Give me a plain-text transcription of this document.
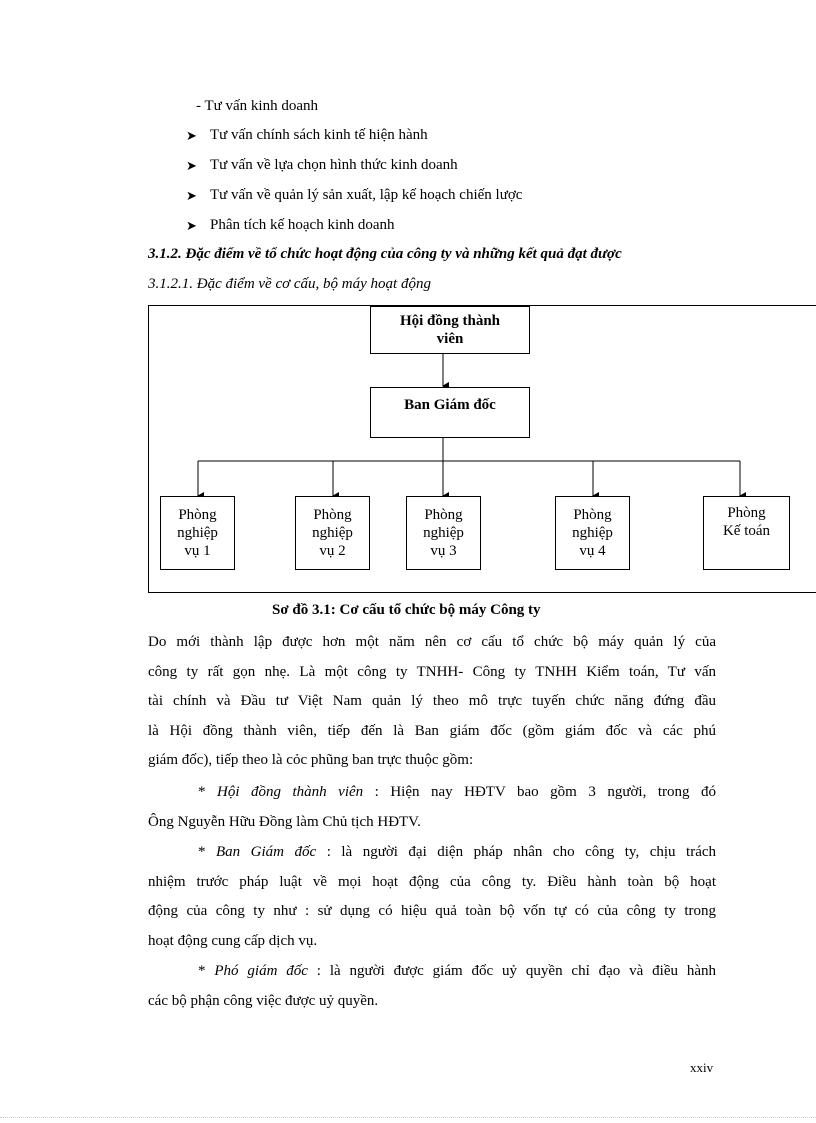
- Tư vấn kinh doanh
➤ Tư vấn chính sách kinh tế hiện hành
➤ Tư vấn về lựa chọn hình thức kinh doanh
➤ Tư vấn về quản lý sản xuất, lập kế hoạch chiến lược
➤ Phân tích kế hoạch kinh doanh
3.1.2. Đặc điểm về tổ chức hoạt động của công ty và những kết quả đạt được
3.1.2.1. Đặc điểm về cơ cấu, bộ máy hoạt động
Hội đồng thành
viên
Ban Giám đốc
Phòng
nghiệp
vụ 1
Phòng
nghiệp
vụ 2
Phòng
nghiệp
vụ 3
Phòng
nghiệp
vụ 4
Phòng
Kế toán
Sơ đồ 3.1: Cơ cấu tổ chức bộ máy Công ty
Do mới thành lập được hơn một năm nên cơ cấu tổ chức bộ máy quản lý của
công ty rất gọn nhẹ. Là một công ty TNHH- Công ty TNHH Kiểm toán, Tư vấn
tài chính và Đầu tư Việt Nam quản lý theo mô trực tuyến chức năng đứng đầu
là Hội đồng thành viên, tiếp đến là Ban giám đốc (gồm giám đốc và các phú
giám đốc), tiếp theo là cỏc phũng ban trực thuộc gồm:
* Hội đồng thành viên : Hiện nay HĐTV bao gồm 3 người, trong đó
Ông Nguyễn Hữu Đồng làm Chủ tịch HĐTV.
* Ban Giám đốc : là người đại diện pháp nhân cho công ty, chịu trách
nhiệm trước pháp luật về mọi hoạt động của công ty. Điều hành toàn bộ hoạt
động của công ty như : sử dụng có hiệu quả toàn bộ vốn tự có của công ty trong
hoạt động cung cấp dịch vụ.
* Phó giám đốc : là người được giám đốc uỷ quyền chỉ đạo và điều hành
các bộ phận công việc được uỷ quyền.
xxiv
